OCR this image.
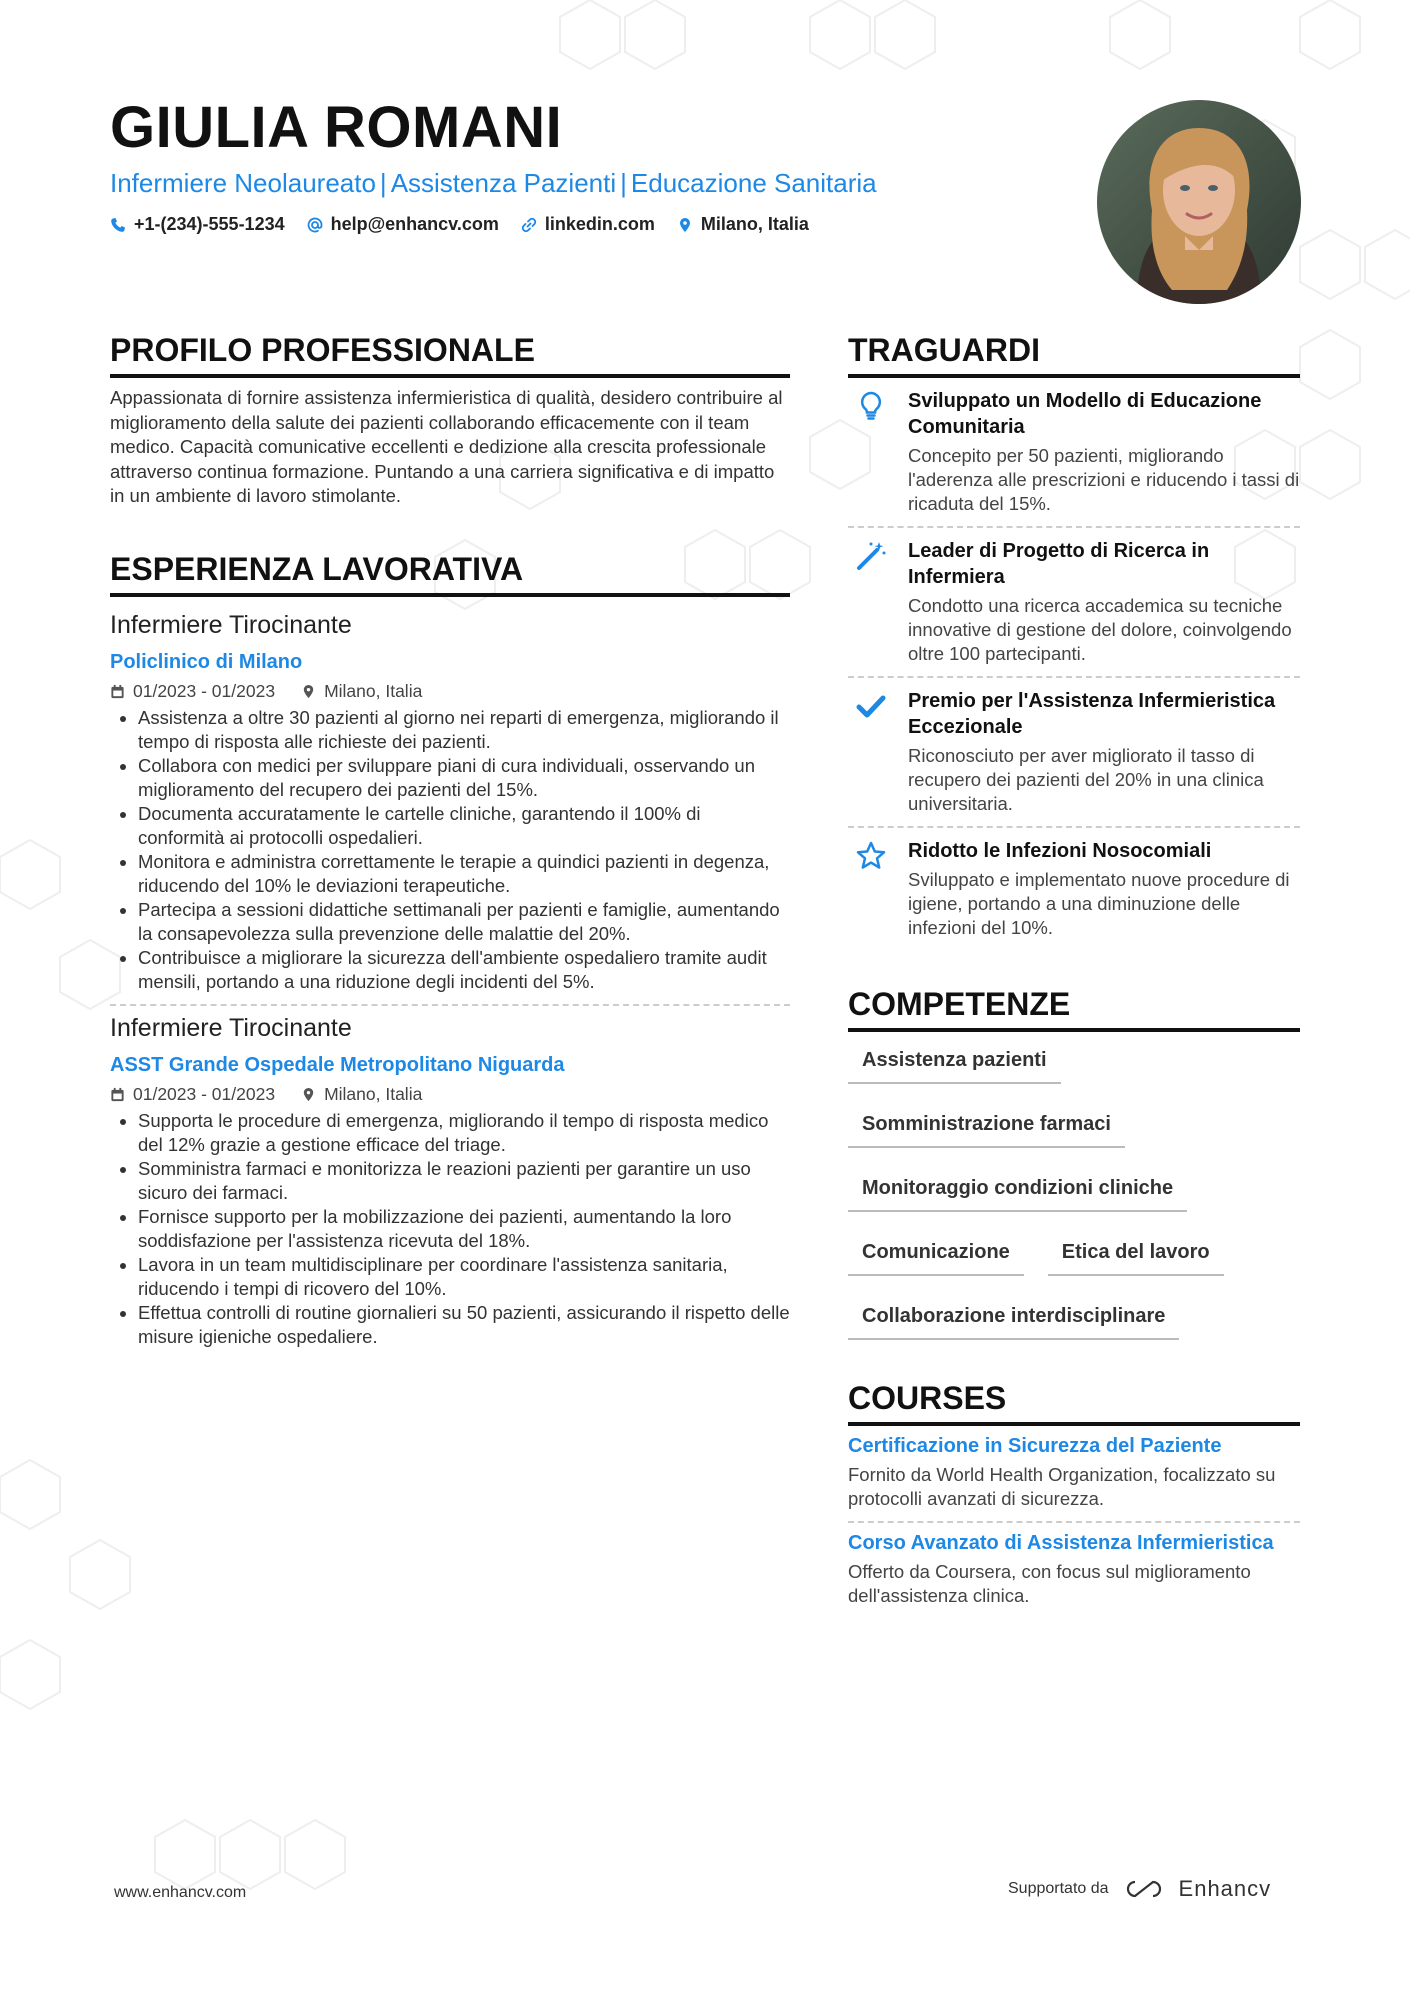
GIULIA ROMANI
Infermiere Neolaureato | Assistenza Pazienti | Educazione Sanitaria
+1-(234)-555-1234	help@enhancv.com	linkedin.com	Milano, Italia
PROFILO PROFESSIONALE

Appassionata di fornire assistenza infermieristica di qualità, desidero contribuire al miglioramento della salute dei pazienti collaborando efficacemente con il team medico. Capacità comunicative eccellenti e dedizione alla crescita professionale attraverso continua formazione. Puntando a una carriera significativa e di impatto in un ambiente di lavoro stimolante.

ESPERIENZA LAVORATIVA
Infermiere Tirocinante
Policlinico di Milano
01/2023 - 01/2023	Milano, Italia
• Assistenza a oltre 30 pazienti al giorno nei reparti di emergenza, migliorando il tempo di risposta alle richieste dei pazienti.
• Collabora con medici per sviluppare piani di cura individuali, osservando un miglioramento del recupero dei pazienti del 15%.
• Documenta accuratamente le cartelle cliniche, garantendo il 100% di conformità ai protocolli ospedalieri.
• Monitora e administra correttamente le terapie a quindici pazienti in degenza, riducendo del 10% le deviazioni terapeutiche.
• Partecipa a sessioni didattiche settimanali per pazienti e famiglie, aumentando la consapevolezza sulla prevenzione delle malattie del 20%.
• Contribuisce a migliorare la sicurezza dell'ambiente ospedaliero tramite audit mensili, portando a una riduzione degli incidenti del 5%.
Infermiere Tirocinante
ASST Grande Ospedale Metropolitano Niguarda
01/2023 - 01/2023	Milano, Italia
• Supporta le procedure di emergenza, migliorando il tempo di risposta medico del 12% grazie a gestione efficace del triage.
• Somministra farmaci e monitorizza le reazioni pazienti per garantire un uso sicuro dei farmaci.
• Fornisce supporto per la mobilizzazione dei pazienti, aumentando la loro soddisfazione per l'assistenza ricevuta del 18%.
• Lavora in un team multidisciplinare per coordinare l'assistenza sanitaria, riducendo i tempi di ricovero del 10%.
• Effettua controlli di routine giornalieri su 50 pazienti, assicurando il rispetto delle misure igieniche ospedaliere.
TRAGUARDI
Sviluppato un Modello di Educazione Comunitaria
Concepito per 50 pazienti, migliorando l'aderenza alle prescrizioni e riducendo i tassi di ricaduta del 15%.
Leader di Progetto di Ricerca in Infermiera
Condotto una ricerca accademica su tecniche innovative di gestione del dolore, coinvolgendo oltre 100 partecipanti.
Premio per l'Assistenza Infermieristica Eccezionale
Riconosciuto per aver migliorato il tasso di recupero dei pazienti del 20% in una clinica universitaria.
Ridotto le Infezioni Nosocomiali
Sviluppato e implementato nuove procedure di igiene, portando a una diminuzione delle infezioni del 10%.
COMPETENZE
Assistenza pazienti
Somministrazione farmaci
Monitoraggio condizioni cliniche
Comunicazione	Etica del lavoro
Collaborazione interdisciplinare
COURSES
Certificazione in Sicurezza del Paziente
Fornito da World Health Organization, focalizzato su protocolli avanzati di sicurezza.
Corso Avanzato di Assistenza Infermieristica
Offerto da Coursera, con focus sul miglioramento dell'assistenza clinica.
www.enhancv.com	Supportato da	Enhancv
